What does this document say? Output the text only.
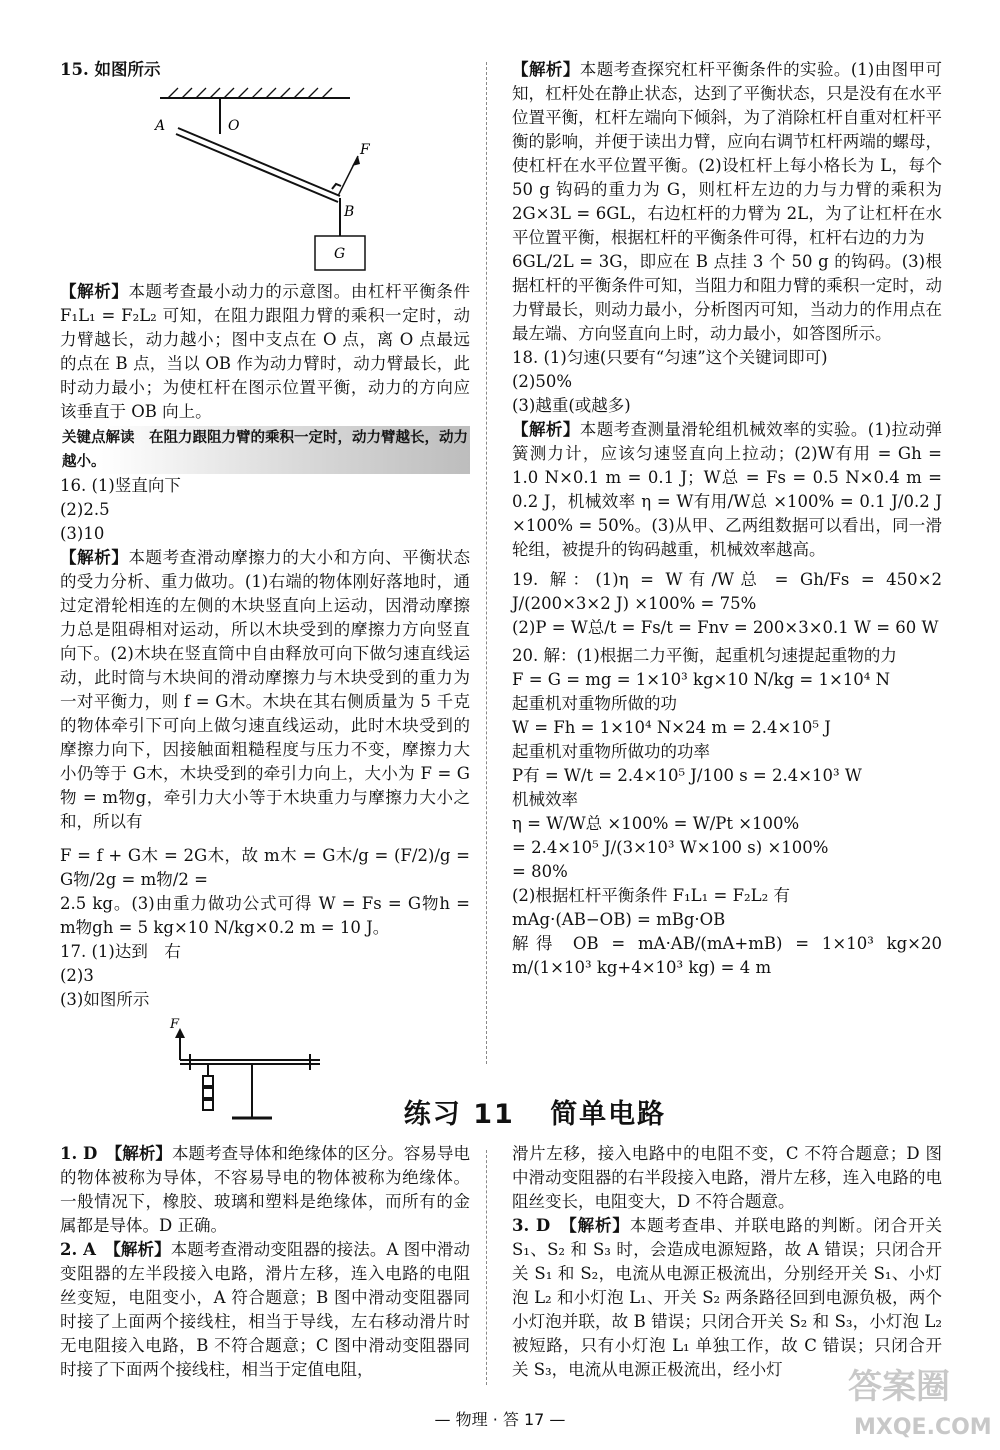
15. 如图所示

A	O
F
B
G

【解析】本题考查最小动力的示意图。由杠杆平衡条件 F₁L₁ = F₂L₂ 可知，在阻力跟阻力臂的乘积一定时，动力臂越长，动力越小；图中支点在 O 点，离 O 点最远的点在 B 点，当以 OB 作为动力臂时，动力臂最长，此时动力最小；为使杠杆在图示位置平衡，动力的方向应该垂直于 OB 向上。

关键点解读　 在阻力跟阻力臂的乘积一定时，动力臂越长，动力越小。

16. (1)竖直向下

(2)2.5

(3)10

【解析】本题考查滑动摩擦力的大小和方向、平衡状态的受力分析、重力做功。(1)右端的物体刚好落地时，通过定滑轮相连的左侧的木块竖直向上运动，因滑动摩擦力总是阻碍相对运动，所以木块受到的摩擦力方向竖直向下。(2)木块在竖直筒中自由释放可向下做匀速直线运动，此时筒与木块间的滑动摩擦力与木块受到的重力为一对平衡力，则 f = G木。木块在其右侧质量为 5 千克的物体牵引下可向上做匀速直线运动，此时木块受到的摩擦力向下，因接触面粗糙程度与压力不变，摩擦力大小仍等于 G木，木块受到的牵引力向上，大小为 F = G物 = m物g，牵引力大小等于木块重力与摩擦力大小之和，所以有

F = f + G木 = 2G木，故 m木 = G木/g = (F/2)/g = G物/2g = m物/2 =

2.5 kg。(3)由重力做功公式可得 W = Fs = G物h = m物gh = 5 kg×10 N/kg×0.2 m = 10 J。

17. (1)达到　右

(2)3

(3)如图所示

F

【解析】本题考查探究杠杆平衡条件的实验。(1)由图甲可知，杠杆处在静止状态，达到了平衡状态，只是没有在水平位置平衡，杠杆左端向下倾斜，为了消除杠杆自重对杠杆平衡的影响，并便于读出力臂，应向右调节杠杆两端的螺母，使杠杆在水平位置平衡。(2)设杠杆上每小格长为 L，每个 50 g 钩码的重力为 G，则杠杆左边的力与力臂的乘积为 2G×3L = 6GL，右边杠杆的力臂为 2L，为了让杠杆在水平位置平衡，根据杠杆的平衡条件可得，杠杆右边的力为

6GL/2L = 3G，即应在 B 点挂 3 个 50 g 的钩码。(3)根据杠杆的平衡条件可知，当阻力和阻力臂的乘积一定时，动力臂最长，则动力最小，分析图丙可知，当动力的作用点在最左端、方向竖直向上时，动力最小，如答图所示。

18. (1)匀速(只要有“匀速”这个关键词即可)

(2)50%

(3)越重(或越多)

【解析】本题考查测量滑轮组机械效率的实验。(1)拉动弹簧测力计，应该匀速竖直向上拉动；(2)W有用 = Gh = 1.0 N×0.1 m = 0.1 J；W总 = Fs = 0.5 N×0.4 m = 0.2 J，机械效率 η = W有用/W总 ×100% = 0.1 J/0.2 J ×100% = 50%。(3)从甲、乙两组数据可以看出，同一滑轮组，被提升的钩码越重，机械效率越高。

19. 解：(1)η = W有/W总 = Gh/Fs = 450×2 J/(200×3×2 J) ×100% = 75%

(2)P = W总/t = Fs/t = Fnv = 200×3×0.1 W = 60 W

20. 解：(1)根据二力平衡，起重机匀速提起重物的力

F = G = mg = 1×10³ kg×10 N/kg = 1×10⁴ N

起重机对重物所做的功

W = Fh = 1×10⁴ N×24 m = 2.4×10⁵ J

起重机对重物所做功的功率

P有 = W/t = 2.4×10⁵ J/100 s = 2.4×10³ W

机械效率

η = W/W总 ×100% = W/Pt ×100%

= 2.4×10⁵ J/(3×10³ W×100 s) ×100%

= 80%

(2)根据杠杆平衡条件 F₁L₁ = F₂L₂ 有

mAg·(AB−OB) = mBg·OB

解得 OB = mA·AB/(mA+mB) = 1×10³ kg×20 m/(1×10³ kg+4×10³ kg) = 4 m

练习 11 简单电路

1. D　 【解析】本题考查导体和绝缘体的区分。容易导电的物体被称为导体，不容易导电的物体被称为绝缘体。一般情况下，橡胶、玻璃和塑料是绝缘体，而所有的金属都是导体。D 正确。

2. A　 【解析】本题考查滑动变阻器的接法。A 图中滑动变阻器的左半段接入电路，滑片左移，连入电路的电阻丝变短，电阻变小，A 符合题意；B 图中滑动变阻器同时接了上面两个接线柱，相当于导线，左右移动滑片时无电阻接入电路，B 不符合题意；C 图中滑动变阻器同时接了下面两个接线柱，相当于定值电阻，

滑片左移，接入电路中的电阻不变，C 不符合题意；D 图中滑动变阻器的右半段接入电路，滑片左移，连入电路的电阻丝变长，电阻变大，D 不符合题意。

3. D　 【解析】本题考查串、并联电路的判断。闭合开关 S₁、S₂ 和 S₃ 时，会造成电源短路，故 A 错误；只闭合开关 S₁ 和 S₂，电流从电源正极流出，分别经开关 S₁、小灯泡 L₂ 和小灯泡 L₁、开关 S₂ 两条路径回到电源负极，两个小灯泡并联，故 B 错误；只闭合开关 S₂ 和 S₃，小灯泡 L₂ 被短路，只有小灯泡 L₁ 单独工作，故 C 错误；只闭合开关 S₃，电流从电源正极流出，经小灯

— 物理 · 答 17 —
答案圈
MXQE.COM
